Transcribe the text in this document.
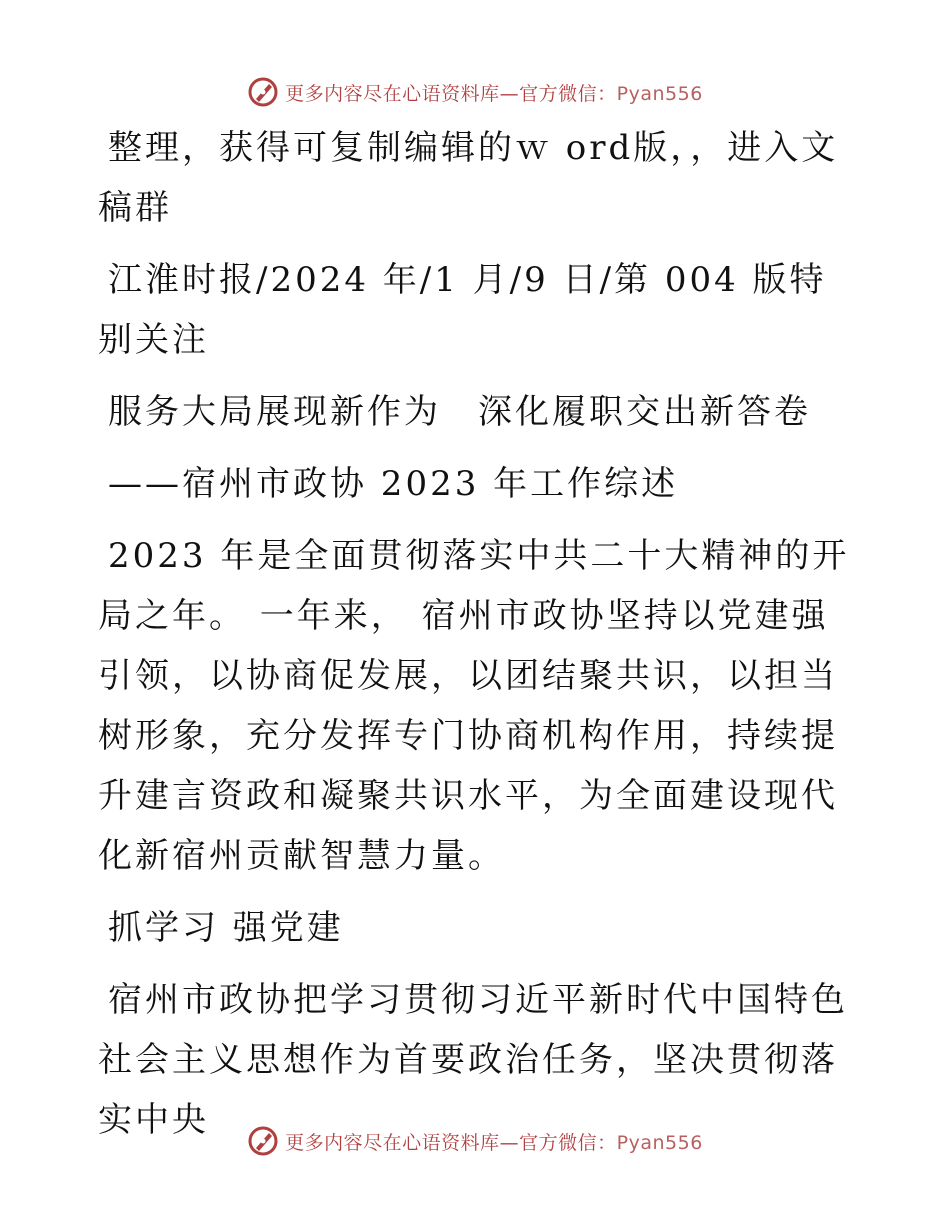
更多内容尽在心语资料库—官方微信：Pyan556

整理，获得可复制编辑的ｗ ord版，，进入文稿群

江淮时报/2024 年/1 月/9 日/第 004 版特别关注

服务大局展现新作为　深化履职交出新答卷

——宿州市政协 2023 年工作综述

2023 年是全面贯彻落实中共二十大精神的开局之年。 一年来， 宿州市政协坚持以党建强引领，以协商促发展，以团结聚共识，以担当树形象，充分发挥专门协商机构作用，持续提升建言资政和凝聚共识水平，为全面建设现代化新宿州贡献智慧力量。

抓学习 强党建

宿州市政协把学习贯彻习近平新时代中国特色社会主义思想作为首要政治任务，坚决贯彻落实中央

更多内容尽在心语资料库—官方微信：Pyan556
